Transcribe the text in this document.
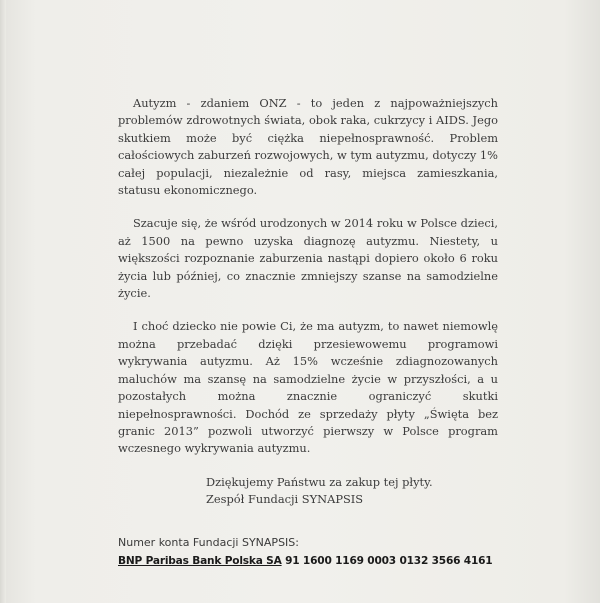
Autyzm - zdaniem ONZ - to jeden z najpoważniejszych problemów zdrowotnych świata, obok raka, cukrzycy i AIDS. Jego skutkiem może być ciężka niepełnosprawność. Problem całościowych zaburzeń rozwojowych, w tym autyzmu, dotyczy 1% całej populacji, niezależnie od rasy, miejsca zamieszkania, statusu ekonomicznego.

Szacuje się, że wśród urodzonych w 2014 roku w Polsce dzieci, aż 1500 na pewno uzyska diagnozę autyzmu. Niestety, u większości rozpoznanie zaburzenia nastąpi dopiero około 6 roku życia lub później, co znacznie zmniejszy szanse na samodzielne życie.

I choć dziecko nie powie Ci, że ma autyzm, to nawet niemowlę można przebadać dzięki przesiewowemu programowi wykrywania autyzmu. Aż 15% wcześnie zdiagnozowanych maluchów ma szansę na samodzielne życie w przyszłości, a u pozostałych można znacznie ograniczyć skutki niepełnosprawności. Dochód ze sprzedaży płyty „Święta bez granic 2013” pozwoli utworzyć pierwszy w Polsce program wczesnego wykrywania autyzmu.

Dziękujemy Państwu za zakup tej płyty.
Zespół Fundacji SYNAPSIS
Numer konta Fundacji SYNAPSIS:
BNP Paribas Bank Polska SA 91 1600 1169 0003 0132 3566 4161
